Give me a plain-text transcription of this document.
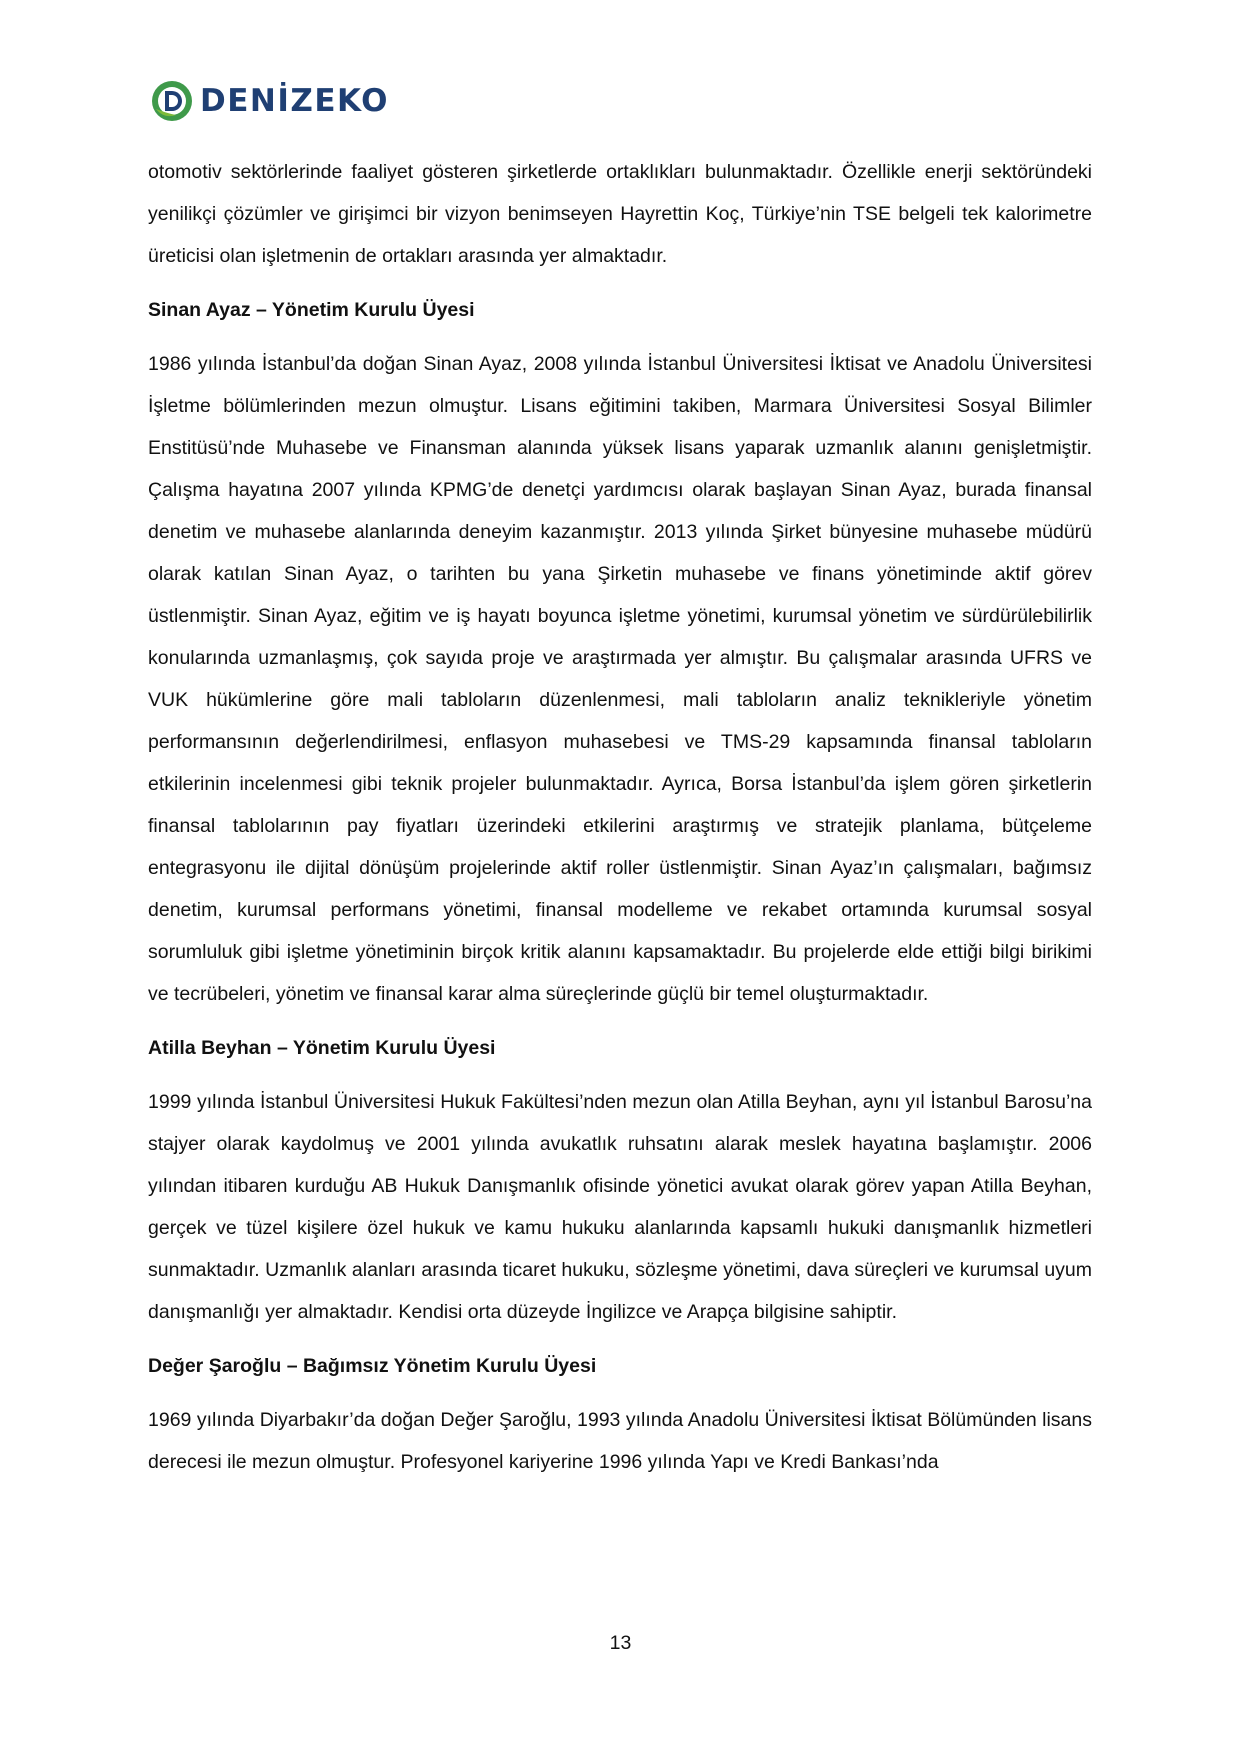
DENİZEKO

otomotiv sektörlerinde faaliyet gösteren şirketlerde ortaklıkları bulunmaktadır. Özellikle enerji sektöründeki yenilikçi çözümler ve girişimci bir vizyon benimseyen Hayrettin Koç, Türkiye’nin TSE belgeli tek kalorimetre üreticisi olan işletmenin de ortakları arasında yer almaktadır.

Sinan Ayaz – Yönetim Kurulu Üyesi

1986 yılında İstanbul’da doğan Sinan Ayaz, 2008 yılında İstanbul Üniversitesi İktisat ve Anadolu Üniversitesi İşletme bölümlerinden mezun olmuştur. Lisans eğitimini takiben, Marmara Üniversitesi Sosyal Bilimler Enstitüsü’nde Muhasebe ve Finansman alanında yüksek lisans yaparak uzmanlık alanını genişletmiştir. Çalışma hayatına 2007 yılında KPMG’de denetçi yardımcısı olarak başlayan Sinan Ayaz, burada finansal denetim ve muhasebe alanlarında deneyim kazanmıştır. 2013 yılında Şirket bünyesine muhasebe müdürü olarak katılan Sinan Ayaz, o tarihten bu yana Şirketin muhasebe ve finans yönetiminde aktif görev üstlenmiştir. Sinan Ayaz, eğitim ve iş hayatı boyunca işletme yönetimi, kurumsal yönetim ve sürdürülebilirlik konularında uzmanlaşmış, çok sayıda proje ve araştırmada yer almıştır. Bu çalışmalar arasında UFRS ve VUK hükümlerine göre mali tabloların düzenlenmesi, mali tabloların analiz teknikleriyle yönetim performansının değerlendirilmesi, enflasyon muhasebesi ve TMS-29 kapsamında finansal tabloların etkilerinin incelenmesi gibi teknik projeler bulunmaktadır. Ayrıca, Borsa İstanbul’da işlem gören şirketlerin finansal tablolarının pay fiyatları üzerindeki etkilerini araştırmış ve stratejik planlama, bütçeleme entegrasyonu ile dijital dönüşüm projelerinde aktif roller üstlenmiştir. Sinan Ayaz’ın çalışmaları, bağımsız denetim, kurumsal performans yönetimi, finansal modelleme ve rekabet ortamında kurumsal sosyal sorumluluk gibi işletme yönetiminin birçok kritik alanını kapsamaktadır. Bu projelerde elde ettiği bilgi birikimi ve tecrübeleri, yönetim ve finansal karar alma süreçlerinde güçlü bir temel oluşturmaktadır.

Atilla Beyhan – Yönetim Kurulu Üyesi

1999 yılında İstanbul Üniversitesi Hukuk Fakültesi’nden mezun olan Atilla Beyhan, aynı yıl İstanbul Barosu’na stajyer olarak kaydolmuş ve 2001 yılında avukatlık ruhsatını alarak meslek hayatına başlamıştır. 2006 yılından itibaren kurduğu AB Hukuk Danışmanlık ofisinde yönetici avukat olarak görev yapan Atilla Beyhan, gerçek ve tüzel kişilere özel hukuk ve kamu hukuku alanlarında kapsamlı hukuki danışmanlık hizmetleri sunmaktadır. Uzmanlık alanları arasında ticaret hukuku, sözleşme yönetimi, dava süreçleri ve kurumsal uyum danışmanlığı yer almaktadır. Kendisi orta düzeyde İngilizce ve Arapça bilgisine sahiptir.

Değer Şaroğlu – Bağımsız Yönetim Kurulu Üyesi

1969 yılında Diyarbakır’da doğan Değer Şaroğlu, 1993 yılında Anadolu Üniversitesi İktisat Bölümünden lisans derecesi ile mezun olmuştur. Profesyonel kariyerine 1996 yılında Yapı ve Kredi Bankası’nda

13
